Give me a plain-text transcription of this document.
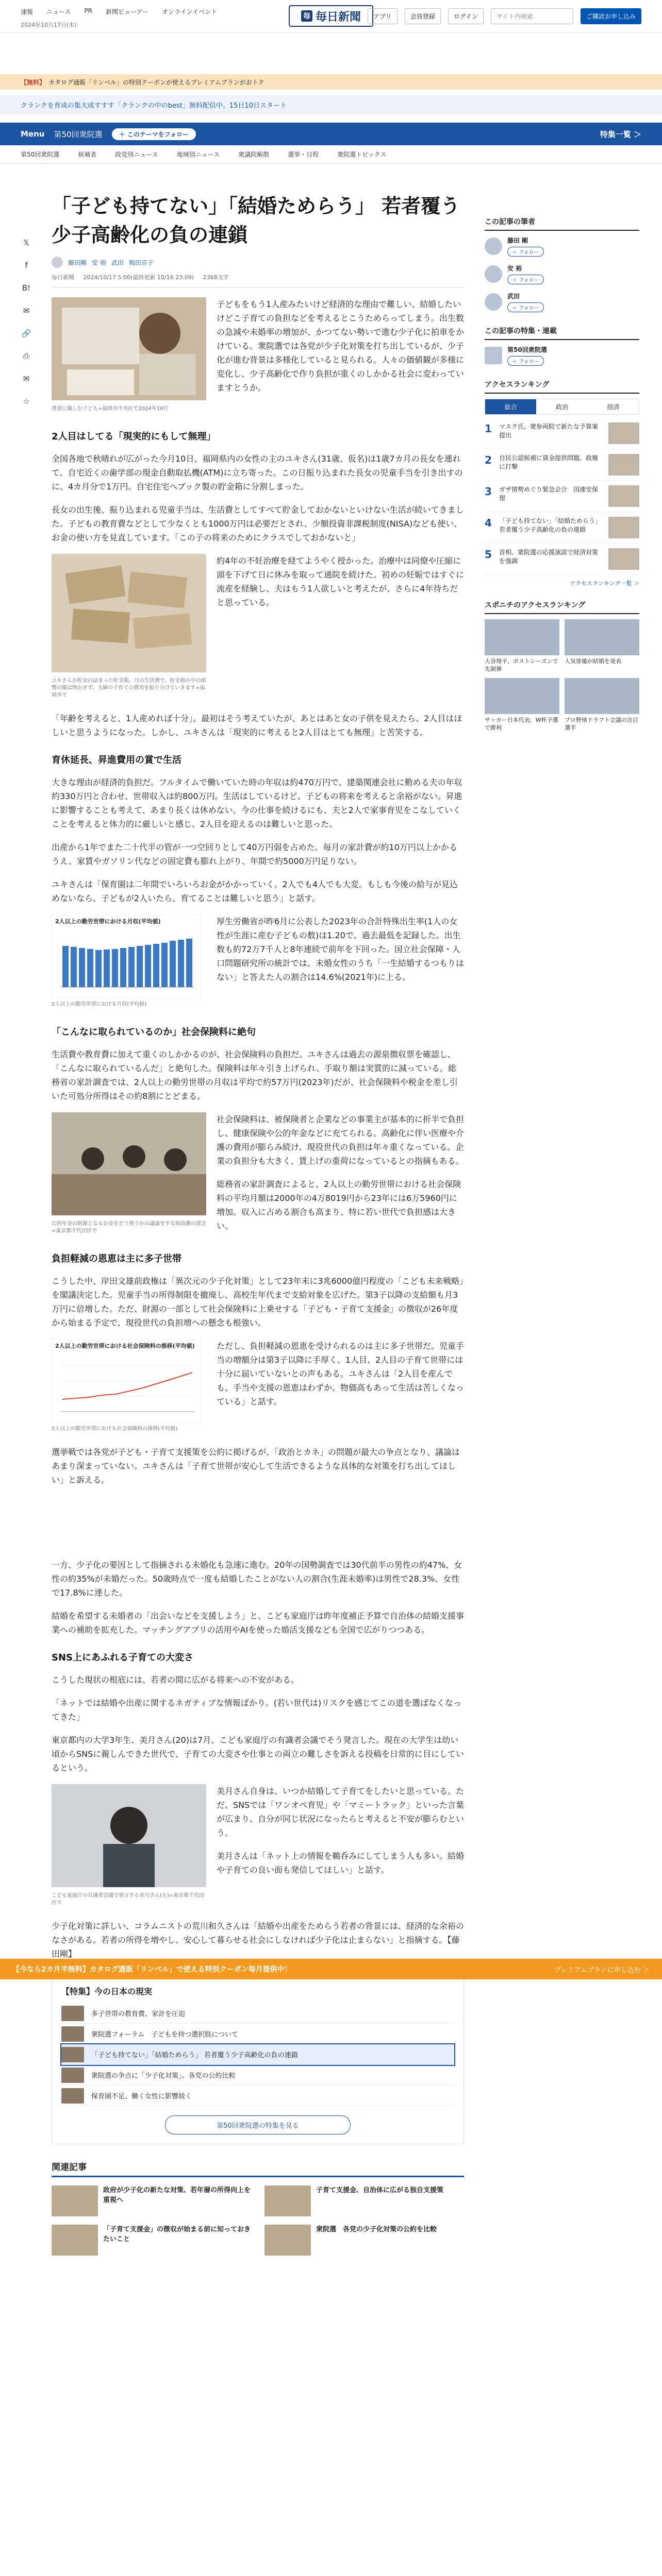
速報 ニュース PR 新聞ビューアー オンラインイベント
2024年10月17日(木)
毎 毎日新聞	アプリ	会員登録	ログイン	サイト内検索	ご購読お申し込み
【無料】 カタログ通販「リンベル」の特別クーポンが使えるプレミアムプランがおトク
クランクを育成の集大成すすす「クランクの中のbest」無料配信中。15日10日スタート
Menu 第50回衆院選	＋ このテーマをフォロー	特集一覧 ＞
第50回衆院選	候補者	政党別ニュース	地域別ニュース	衆議院解散	選挙・日程	衆院選トピックス
𝕏
f
B!
✉
🔗
⎙
✉
☆
「子ども持てない」「結婚ためらう」 若者覆う少子高齢化の負の連鎖
藤田剛 安 裕 武田 梅田京子
毎日新聞 2024/10/17 5:00(最終更新 10/16 23:09) 2368文字
書道に親しむ子ども=福岡市中央区で2024年10月

子どもをもう1人産みたいけど経済的な理由で難しい、結婚したいけどこ子育ての負担などを考えるとこうためらってしまう。出生数の急減や未婚率の増加が、かつてない勢いで進む少子化に拍車をかけている。衆院選では各党が少子化対策を打ち出しているが、少子化が進む背景は多様化していると見られる。人々の価値観が多様に変化し、少子高齢化で作り負担が重くのしかかる社会に変わっていますとうか。

2人目はしてる「現実的にもして無理」

全国各地で秋晴れが広がった今月10日、福岡県内の女性の主のユキさん(31歳、仮名)は1歳7カ月の長女を連れて、自宅近くの歯学部の現金自動取払機(ATM)に立ち寄った。この日振り込まれた長女の児童手当を引き出すのに、4カ月分で1万円。自宅住宅へブック製の貯金箱に分割しまった。

長女の出生後、振り込まれる児童手当は、生活費としてすべて貯金しておかないといけない生活が続いてきました。子どもの教育費などとして少なくとも1000万円は必要だとされ、少額投資非課税制度(NISA)なども使い、お金の使い方を見直しています。「この子の将来のためにクラスでしておかないと」

ユキさんが貯金の詰まった貯金箱。月の生活費で、貯金箱の中の紙幣の額は明かさず、夫婦の子育ての費用を振り分けていきます=福岡市で

約4年の不妊治療を経てようやく授かった。治療中は同僚や圧縮に頭を下げて日に休みを取って通院を続けた。初めの妊娠ではすぐに流産を経験し、夫はもう1人欲しいと考えたが、さらに4年待ちだと思っている。

「年齢を考えると、1人産めれば十分」。最初はそう考えていたが、あとはあと女の子供を見えたら、2人目はほしいと思うようになった。しかし、ユキさんは「現実的に考えると2人目はとても無理」と苦笑する。

育休延長、昇進費用の賞で生活

大きな理由が経済的負担だ。フルタイムで働いていた時の年収は約470万円で、建築関連会社に勤める夫の年収約330万円と合わせ、世帯収入は約800万円。生活はしているけど、子どもの将来を考えると余裕がない。昇進に影響することも考えて、あまり長くは休めない。今の仕事を続けるにも、夫と2人で家事育児をこなしていくことを考えると体力的に厳しいと感じ、2人目を迎えるのは難しいと思った。

出産から1年でまた二十代半の管が一つ空回りとして40万円弱を占めた。毎月の家計費が約10万円以上かかるうえ、家賃やガソリン代などの固定費も膨れ上がり、年間で約5000万円足りない。

ユキさんは「保育園は二年間でいろいろお金がかかっていく。2人でも4人でも大変。もしも今後の給与が見込めないなら、子どもが2人いたら、育てることは難しいと思う」と話す。

2人以上の勤労世帯における月収(平均値)
2人以上の勤労世帯における月収(平均値)

厚生労働省が昨6月に公表した2023年の合計特殊出生率(1人の女性が生涯に産む子どもの数)は1.20で、過去最低を記録した。出生数も約72万7千人と8年連続で前年を下回った。国立社会保障・人口問題研究所の統計では、未婚女性のうち「一生結婚するつもりはない」と答えた人の割合は14.6%(2021年)に上る。

「こんなに取られているのか」社会保険料に絶句

生活費や教育費に加えて重くのしかかるのが、社会保険料の負担だ。ユキさんは過去の源泉徴収票を確認し、「こんなに取られているんだ」と絶句した。保険料は年々引き上げられ、手取り額は実質的に減っている。総務省の家計調査では、2人以上の勤労世帯の月収は平均で約57万円(2023年)だが、社会保険料や税金を差し引いた可処分所得はその約8割にとどまる。

公的年金の財源となるお金をどう使うかの議論をする財政審の部会=東京都千代田区で

社会保険料は、被保険者と企業などの事業主が基本的に折半で負担し、健康保険や公的年金などに充てられる。高齢化に伴い医療や介護の費用が膨らみ続け、現役世代の負担は年々重くなっている。企業の負担分も大きく、賃上げの重荷になっているとの指摘もある。

総務省の家計調査によると、2人以上の勤労世帯における社会保険料の平均月額は2000年の4万8019円から23年には6万5960円に増加。収入に占める割合も高まり、特に若い世代で負担感は大きい。

負担軽減の恩恵は主に多子世帯

こうした中、岸田文雄前政権は「異次元の少子化対策」として23年末に3兆6000億円程度の「こども未来戦略」を閣議決定した。児童手当の所得制限を撤廃し、高校生年代まで支給対象を広げた。第3子以降の支給額も月3万円に倍増した。ただ、財源の一部として社会保険料に上乗せする「子ども・子育て支援金」の徴収が26年度から始まる予定で、現役世代の負担増への懸念も根強い。

2人以上の勤労世帯における社会保険料の推移(平均値)
2人以上の勤労世帯における社会保険料の推移(平均値)

ただし、負担軽減の恩恵を受けられるのは主に多子世帯だ。児童手当の増額分は第3子以降に手厚く、1人目、2人目の子育て世帯には十分に届いていないとの声もある。ユキさんは「2人目を産んでも、手当や支援の恩恵はわずか。物価高もあって生活は苦しくなっている」と話す。

選挙戦では各党が子ども・子育て支援策を公約に掲げるが、「政治とカネ」の問題が最大の争点となり、議論はあまり深まっていない。ユキさんは「子育て世帯が安心して生活できるような具体的な対策を打ち出してほしい」と訴える。

一方、少子化の要因として指摘される未婚化も急速に進む。20年の国勢調査では30代前半の男性の約47%、女性の約35%が未婚だった。50歳時点で一度も結婚したことがない人の割合(生涯未婚率)は男性で28.3%、女性で17.8%に達した。

結婚を希望する未婚者の「出会いなどを支援しよう」と、こども家庭庁は昨年度補正予算で自治体の結婚支援事業への補助を拡充した。マッチングアプリの活用やAIを使った婚活支援なども全国で広がりつつある。

SNS上にあふれる子育ての大変さ

こうした現状の根底には、若者の間に広がる将来への不安がある。

「ネットでは結婚や出産に関するネガティブな情報ばかり。(若い世代は)リスクを感じてこの道を選ばなくなってきた」

東京都内の大学3年生、美月さん(20)は7月、こども家庭庁の有識者会議でそう発言した。現在の大学生は幼い頃からSNSに親しんできた世代で、子育ての大変さや仕事との両立の難しさを訴える投稿を日常的に目にしているという。

こども家庭庁の有識者会議で発言する美月さん(左)=東京都千代田区で

美月さん自身は、いつか結婚して子育てをしたいと思っている。ただ、SNSでは「ワンオペ育児」や「マミートラック」といった言葉が広まり、自分が同じ状況になったらと考えると不安が膨らむという。

美月さんは「ネット上の情報を鵜呑みにしてしまう人も多い。結婚や子育ての良い面も発信してほしい」と話す。

少子化対策に詳しい、コラムニストの荒川和久さんは「結婚や出産をためらう若者の背景には、経済的な余裕のなさがある。若者の所得を増やし、安心して暮らせる社会にしなければ少子化は止まらない」と指摘する。【藤田剛】

【特集】今の日本の現実
多子世帯の教育費、家計を圧迫
衆院選フォーラム　子どもを持つ選択肢について
「子ども持てない」「結婚ためらう」 若者覆う少子高齢化の負の連鎖
衆院選の争点に「少子化対策」、各党の公約比較
保育園不足、働く女性に影響続く
第50回衆院選の特集を見る
関連記事
政府が少子化の新たな対策、若年層の所得向上を重視へ
子育て支援金、自治体に広がる独自支援策
「子育て支援金」の徴収が始まる前に知っておきたいこと
衆院選　各党の少子化対策の公約を比較
この記事の筆者
藤田 剛
＋ フォロー
安 裕
＋ フォロー
武田
＋ フォロー
この記事の特集・連載
第50回衆院選
＋ フォロー
アクセスランキング
総合	政治	経済
1	マスク氏、衆参両院で新たな予算案提出
2	自民公認候補に資金提供問題、政権に打撃
3	ガザ情勢めぐり緊急会合　国連安保理
4	「子ども持てない」「結婚ためらう」 若者覆う少子高齢化の負の連鎖
5	首相、衆院選の応援演説で経済対策を強調
アクセスランキング一覧 ＞
スポニチのアクセスランキング
大谷翔平、ポストシーズンで先制弾
人気俳優が結婚を発表
サッカー日本代表、W杯予選で勝利
プロ野球ドラフト会議の注目選手
【今なら2カ月半無料】カタログ通販「リンベル」で使える特別クーポン毎月提供中！	プレミアムプランに申し込む ＞
